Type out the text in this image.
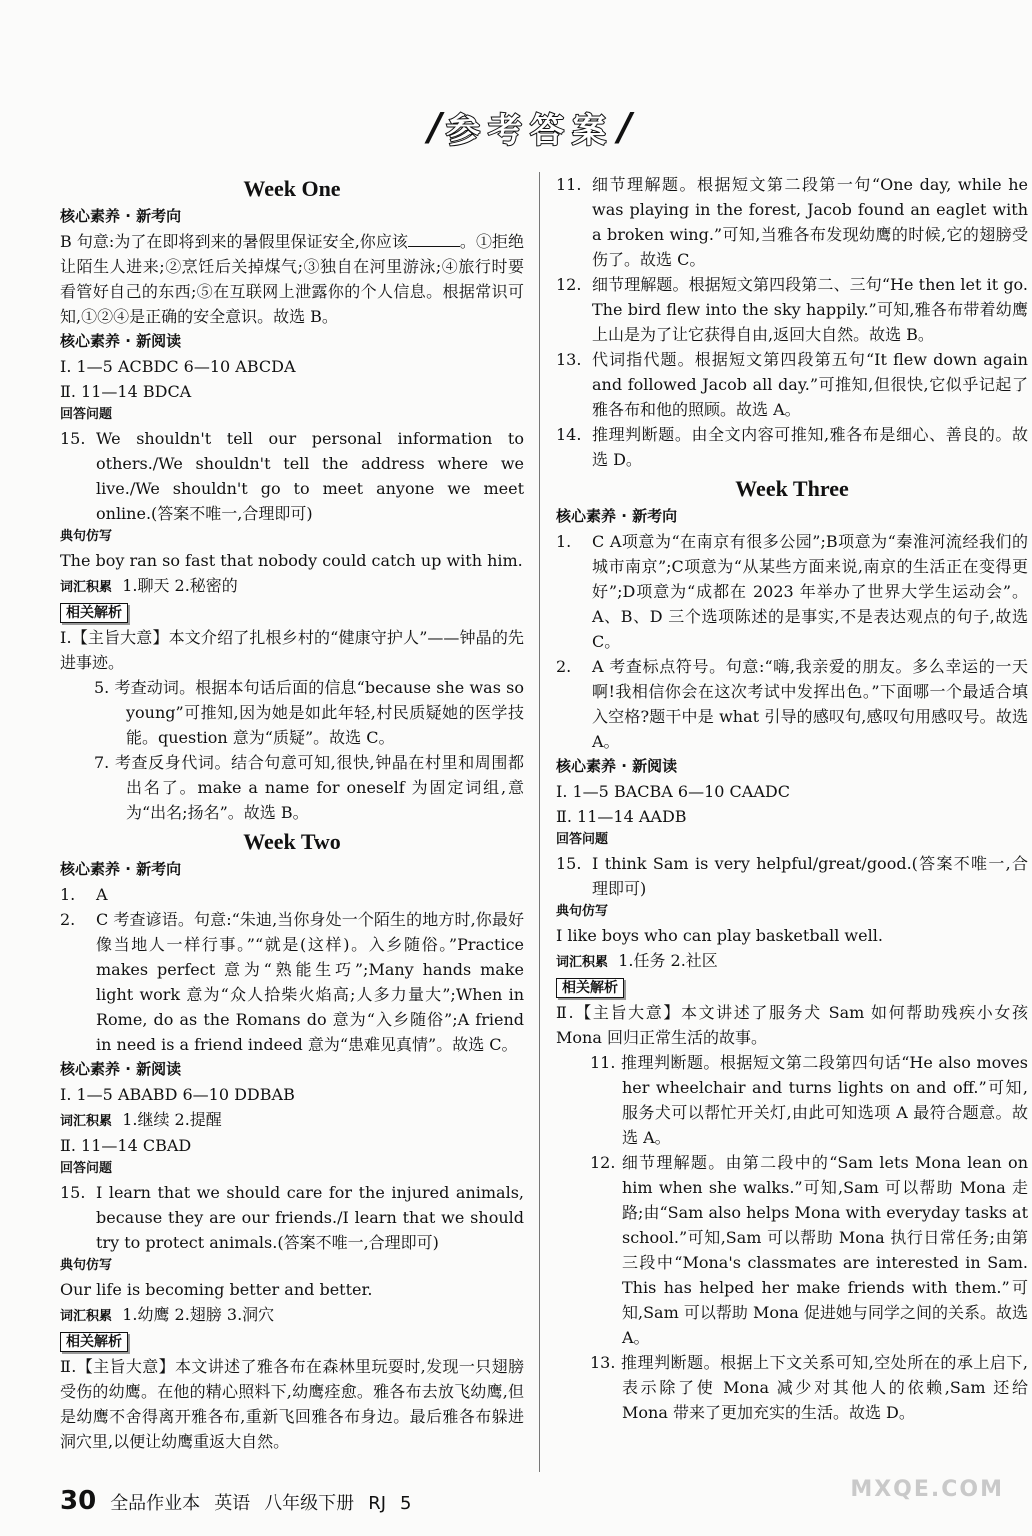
/ 参考答案 /
Week One
核心素养 · 新考向
B 句意:为了在即将到来的暑假里保证安全,你应该	。①拒绝让陌生人进来;②烹饪后关掉煤气;③独自在河里游泳;④旅行时要看管好自己的东西;⑤在互联网上泄露你的个人信息。根据常识可知,①②④是正确的安全意识。故选 B。
核心素养 · 新阅读
Ⅰ. 1—5 ACBDC 6—10 ABCDA
Ⅱ. 11—14 BDCA
回答问题
15. We shouldn't tell our personal information to others./We shouldn't tell the address where we live./We shouldn't go to meet anyone we meet online.(答案不唯一,合理即可)
典句仿写
The boy ran so fast that nobody could catch up with him.
词汇积累 1.聊天 2.秘密的
相关解析
Ⅰ.【主旨大意】本文介绍了扎根乡村的“健康守护人”——钟晶的先进事迹。
5. 考查动词。根据本句话后面的信息“because she was so young”可推知,因为她是如此年轻,村民质疑她的医学技能。question 意为“质疑”。故选 C。
7. 考查反身代词。结合句意可知,很快,钟晶在村里和周围都出名了。make a name for oneself 为固定词组,意为“出名;扬名”。故选 B。
Week Two
核心素养 · 新考向
1.	A
2.	C 考查谚语。句意:“朱迪,当你身处一个陌生的地方时,你最好像当地人一样行事。”“就是(这样)。入乡随俗。”Practice makes perfect 意为“熟能生巧”;Many hands make light work 意为“众人拾柴火焰高;人多力量大”;When in Rome, do as the Romans do 意为“入乡随俗”;A friend in need is a friend indeed 意为“患难见真情”。故选 C。
核心素养 · 新阅读
Ⅰ. 1—5 ABABD 6—10 DDBAB
词汇积累 1.继续 2.提醒
Ⅱ. 11—14 CBAD
回答问题
15. I learn that we should care for the injured animals, because they are our friends./I learn that we should try to protect animals.(答案不唯一,合理即可)
典句仿写
Our life is becoming better and better.
词汇积累 1.幼鹰 2.翅膀 3.洞穴
相关解析
Ⅱ.【主旨大意】本文讲述了雅各布在森林里玩耍时,发现一只翅膀受伤的幼鹰。在他的精心照料下,幼鹰痊愈。雅各布去放飞幼鹰,但是幼鹰不舍得离开雅各布,重新飞回雅各布身边。最后雅各布躲进洞穴里,以便让幼鹰重返大自然。
11. 细节理解题。根据短文第二段第一句“One day, while he was playing in the forest, Jacob found an eaglet with a broken wing.”可知,当雅各布发现幼鹰的时候,它的翅膀受伤了。故选 C。
12. 细节理解题。根据短文第四段第二、三句“He then let it go. The bird flew into the sky happily.”可知,雅各布带着幼鹰上山是为了让它获得自由,返回大自然。故选 B。
13. 代词指代题。根据短文第四段第五句“It flew down again and followed Jacob all day.”可推知,但很快,它似乎记起了雅各布和他的照顾。故选 A。
14. 推理判断题。由全文内容可推知,雅各布是细心、善良的。故选 D。
Week Three
核心素养 · 新考向
1.	C A项意为“在南京有很多公园”;B项意为“秦淮河流经我们的城市南京”;C项意为“从某些方面来说,南京的生活正在变得更好”;D项意为“成都在 2023 年举办了世界大学生运动会”。A、B、D 三个选项陈述的是事实,不是表达观点的句子,故选 C。
2.	A 考查标点符号。句意:“嗨,我亲爱的朋友。多么幸运的一天啊!我相信你会在这次考试中发挥出色。”下面哪一个最适合填入空格?题干中是 what 引导的感叹句,感叹句用感叹号。故选 A。
核心素养 · 新阅读
Ⅰ. 1—5 BACBA 6—10 CAADC
Ⅱ. 11—14 AADB
回答问题
15. I think Sam is very helpful/great/good.(答案不唯一,合理即可)
典句仿写
I like boys who can play basketball well.
词汇积累 1.任务 2.社区
相关解析
Ⅱ.【主旨大意】本文讲述了服务犬 Sam 如何帮助残疾小女孩 Mona 回归正常生活的故事。
11. 推理判断题。根据短文第二段第四句话“He also moves her wheelchair and turns lights on and off.”可知,服务犬可以帮忙开关灯,由此可知选项 A 最符合题意。故选 A。
12. 细节理解题。由第二段中的“Sam lets Mona lean on him when she walks.”可知,Sam 可以帮助 Mona 走路;由“Sam also helps Mona with everyday tasks at school.”可知,Sam 可以帮助 Mona 执行日常任务;由第三段中“Mona's classmates are interested in Sam. This has helped her make friends with them.”可知,Sam 可以帮助 Mona 促进她与同学之间的关系。故选 A。
13. 推理判断题。根据上下文关系可知,空处所在的承上启下,表示除了使 Mona 减少对其他人的依赖,Sam 还给 Mona 带来了更加充实的生活。故选 D。
30 全品作业本 英语 八年级下册 RJ 5
MXQE.COM
